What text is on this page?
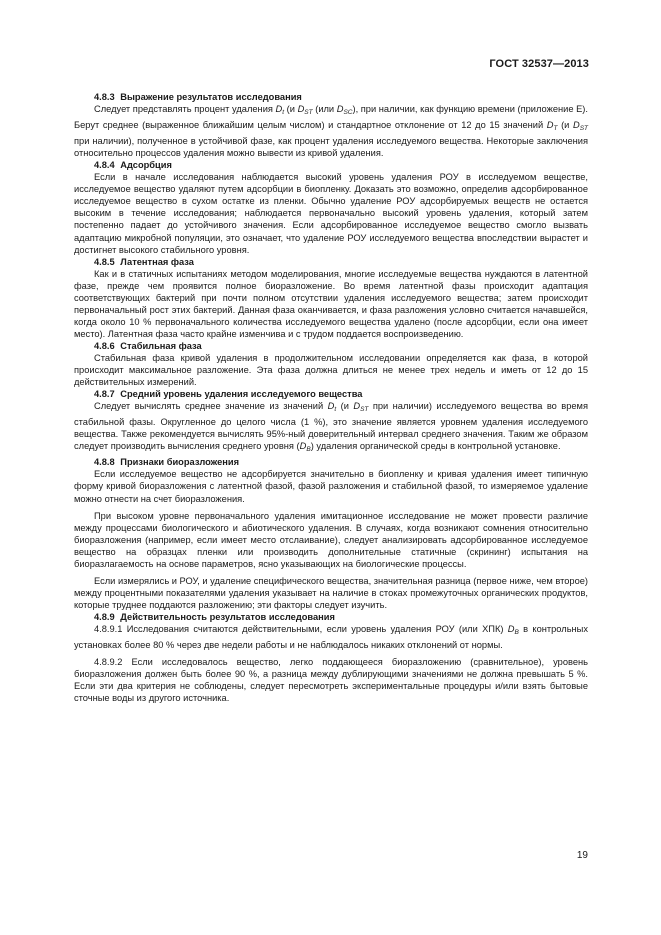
ГОСТ 32537—2013

4.8.3 Выражение результатов исследования

Следует представлять процент удаления $D_t$ (и $D_{ST}$ (или $D_{SC}$), при наличии, как функцию времени (приложение Е). Берут среднее (выраженное ближайшим целым числом) и стандартное отклонение от 12 до 15 значений $D_T$ (и $D_{ST}$ при наличии), полученное в устойчивой фазе, как процент удаления исследуемого вещества. Некоторые заключения относительно процессов удаления можно вывести из кривой удаления.

4.8.4 Адсорбция

Если в начале исследования наблюдается высокий уровень удаления РОУ в исследуемом веществе, исследуемое вещество удаляют путем адсорбции в биопленку. Доказать это возможно, определив адсорбированное исследуемое вещество в сухом остатке из пленки. Обычно удаление РОУ адсорбируемых веществ не остается высоким в течение исследования; наблюдается первоначально высокий уровень удаления, который затем постепенно падает до устойчивого значения. Если адсорбированное исследуемое вещество смогло вызвать адаптацию микробной популяции, это означает, что удаление РОУ исследуемого вещества впоследствии вырастет и достигнет высокого стабильного уровня.

4.8.5 Латентная фаза

Как и в статичных испытаниях методом моделирования, многие исследуемые вещества нуждаются в латентной фазе, прежде чем проявится полное биоразложение. Во время латентной фазы происходит адаптация соответствующих бактерий при почти полном отсутствии удаления исследуемого вещества; затем происходит первоначальный рост этих бактерий. Данная фаза оканчивается, и фаза разложения условно считается начавшейся, когда около 10 % первоначального количества исследуемого вещества удалено (после адсорбции, если она имеет место). Латентная фаза часто крайне изменчива и с трудом поддается воспроизведению.

4.8.6 Стабильная фаза

Стабильная фаза кривой удаления в продолжительном исследовании определяется как фаза, в которой происходит максимальное разложение. Эта фаза должна длиться не менее трех недель и иметь от 12 до 15 действительных измерений.

4.8.7 Средний уровень удаления исследуемого вещества

Следует вычислять среднее значение из значений $D_t$ (и $D_{ST}$ при наличии) исследуемого вещества во время стабильной фазы. Округленное до целого числа (1 %), это значение является уровнем удаления исследуемого вещества. Также рекомендуется вычислять 95%-ный доверительный интервал среднего значения. Таким же образом следует производить вычисления среднего уровня $(D_B)$ удаления органической среды в контрольной установке.

4.8.8 Признаки биоразложения

Если исследуемое вещество не адсорбируется значительно в биопленку и кривая удаления имеет типичную форму кривой биоразложения с латентной фазой, фазой разложения и стабильной фазой, то измеряемое удаление можно отнести на счет биоразложения.

При высоком уровне первоначального удаления имитационное исследование не может провести различие между процессами биологического и абиотического удаления. В случаях, когда возникают сомнения относительно биоразложения (например, если имеет место отслаивание), следует анализировать адсорбированное исследуемое вещество на образцах пленки или производить дополнительные статичные (скрининг) испытания на биоразлагаемость на основе параметров, ясно указывающих на биологические процессы.

Если измерялись и РОУ, и удаление специфического вещества, значительная разница (первое ниже, чем второе) между процентными показателями удаления указывает на наличие в стоках промежуточных органических продуктов, которые труднее поддаются разложению; эти факторы следует изучить.

4.8.9 Действительность результатов исследования

4.8.9.1 Исследования считаются действительными, если уровень удаления РОУ (или ХПК) $D_B$ в контрольных установках более 80 % через две недели работы и не наблюдалось никаких отклонений от нормы.

4.8.9.2 Если исследовалось вещество, легко поддающееся биоразложению (сравнительное), уровень биоразложения должен быть более 90 %, а разница между дублирующими значениями не должна превышать 5 %. Если эти два критерия не соблюдены, следует пересмотреть экспериментальные процедуры и/или взять бытовые сточные воды из другого источника.

19
